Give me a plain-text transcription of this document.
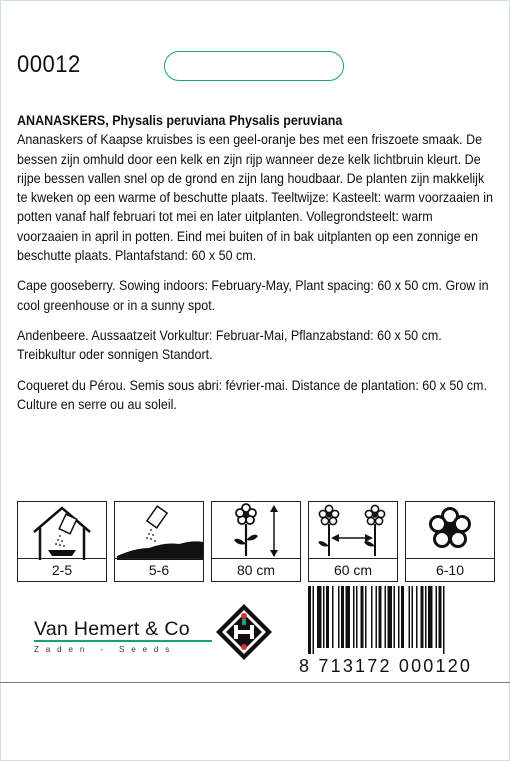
00012

ANANASKERS, Physalis peruviana Physalis peruviana
Ananaskers of Kaapse kruisbes is een geel-oranje bes met een friszoete smaak. De bessen zijn omhuld door een kelk en zijn rijp wanneer deze kelk lichtbruin kleurt. De rijpe bessen vallen snel op de grond en zijn lang houdbaar. De planten zijn makkelijk te kweken op een warme of beschutte plaats. Teeltwijze: Kasteelt: warm voorzaaien in potten vanaf half februari tot mei en later uitplanten. Vollegrondsteelt: warm voorzaaien in april in potten. Eind mei buiten of in bak uitplanten op een zonnige en beschutte plaats. Plantafstand: 60 x 50 cm.

Cape gooseberry. Sowing indoors: February-May, Plant spacing: 60 x 50 cm. Grow in cool greenhouse or in a sunny spot.

Andenbeere. Aussaatzeit Vorkultur: Februar-Mai, Pflanzabstand: 60 x 50 cm. Treibkultur oder sonnigen Standort.

Coqueret du Pérou. Semis sous abri: février-mai. Distance de plantation: 60 x 50 cm. Culture en serre ou au soleil.

2-5	5-6	80 cm	60 cm	6-10
Van Hemert & Co
Zaden - Seeds
8 713172 000120
